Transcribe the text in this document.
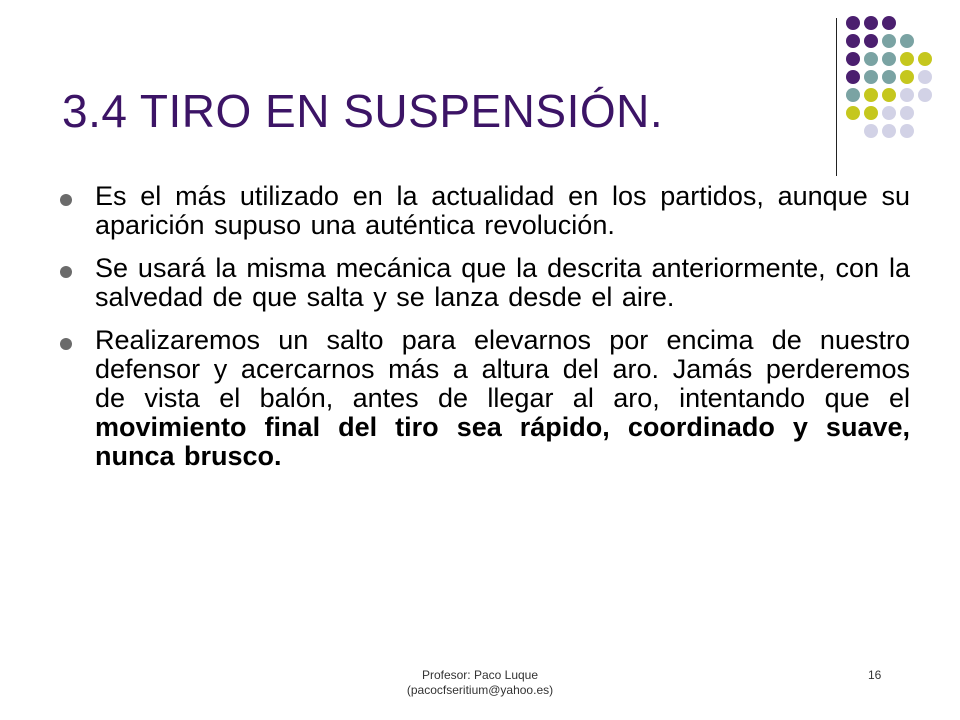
3.4 TIRO EN SUSPENSIÓN.
Es el más utilizado en la actualidad en los partidos, aunque su aparición supuso una auténtica revolución.
Se usará la misma mecánica que la descrita anteriormente, con la salvedad de que salta y se lanza desde el aire.
Realizaremos un salto para elevarnos por encima de nuestro defensor y acercarnos más a altura del aro. Jamás perderemos de vista el balón, antes de llegar al aro, intentando que el movimiento final del tiro sea rápido, coordinado y suave, nunca brusco.
Profesor: Paco Luque
(pacocfseritium@yahoo.es)
16
